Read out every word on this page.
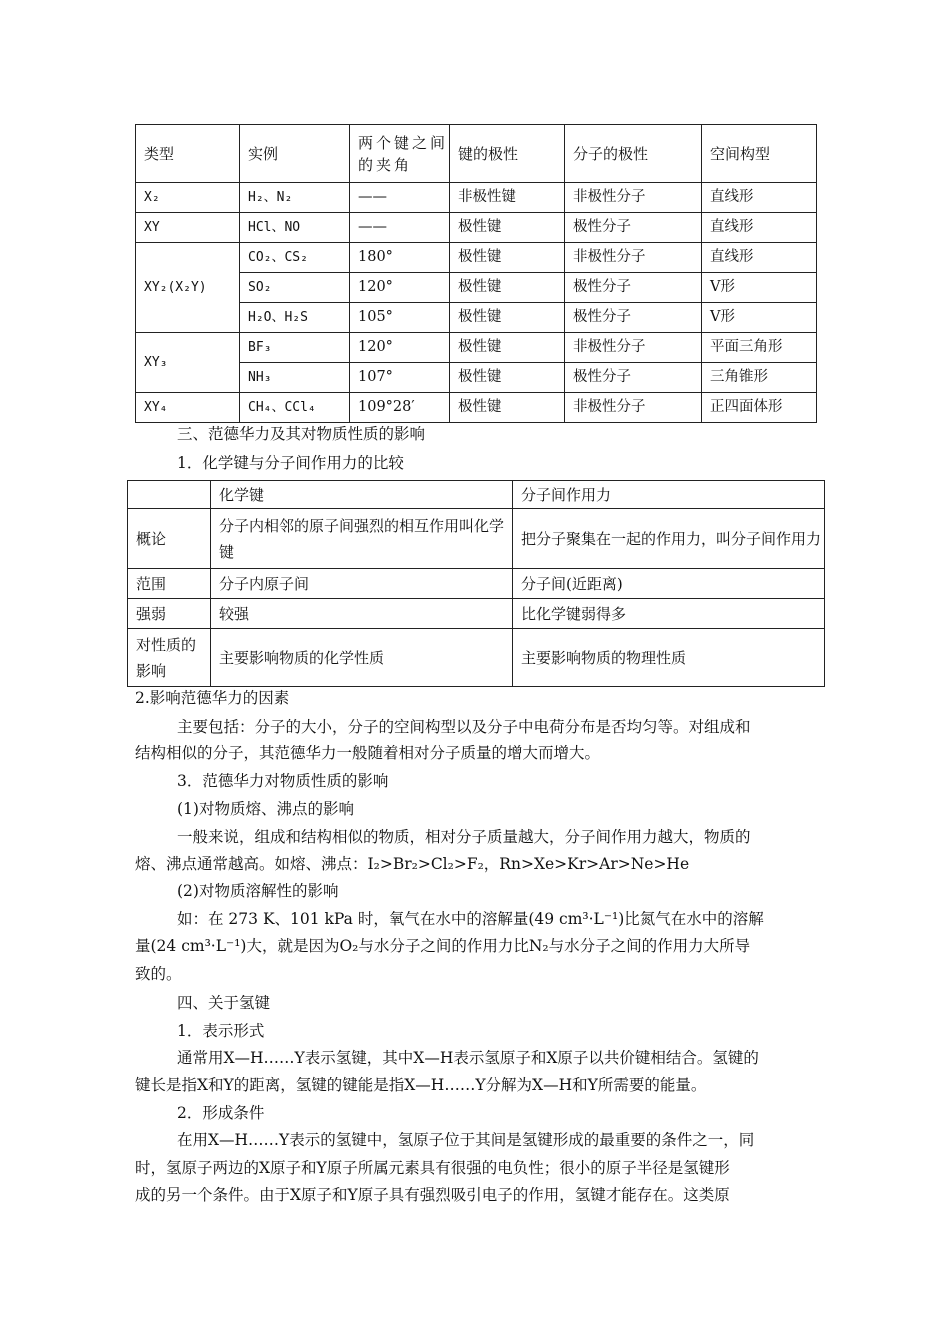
类型	实例	两个键之间的夹角	键的极性	分子的极性	空间构型
X₂	H₂、N₂	——	非极性键	非极性分子	直线形
XY	HCl、NO	——	极性键	极性分子	直线形
XY₂(X₂Y)	CO₂、CS₂	180°	极性键	非极性分子	直线形
	SO₂	120°	极性键	极性分子	V形
	H₂O、H₂S	105°	极性键	极性分子	V形
XY₃	BF₃	120°	极性键	非极性分子	平面三角形
	NH₃	107°	极性键	极性分子	三角锥形
XY₄	CH₄、CCl₄	109°28′	极性键	非极性分子	正四面体形
三、范德华力及其对物质性质的影响
1．化学键与分子间作用力的比较
	化学键	分子间作用力
概论	分子内相邻的原子间强烈的相互作用叫化学键	把分子聚集在一起的作用力，叫分子间作用力
范围	分子内原子间	分子间(近距离)
强弱	较强	比化学键弱得多
对性质的影响	主要影响物质的化学性质	主要影响物质的物理性质
2.影响范德华力的因素
主要包括：分子的大小，分子的空间构型以及分子中电荷分布是否均匀等。对组成和
结构相似的分子，其范德华力一般随着相对分子质量的增大而增大。
3．范德华力对物质性质的影响
(1)对物质熔、沸点的影响
一般来说，组成和结构相似的物质，相对分子质量越大，分子间作用力越大，物质的
熔、沸点通常越高。如熔、沸点：I₂>Br₂>Cl₂>F₂，Rn>Xe>Kr>Ar>Ne>He
(2)对物质溶解性的影响
如：在 273 K、101 kPa 时，氧气在水中的溶解量(49 cm³·L⁻¹)比氮气在水中的溶解
量(24 cm³·L⁻¹)大，就是因为O₂与水分子之间的作用力比N₂与水分子之间的作用力大所导
致的。
四、关于氢键
1．表示形式
通常用X—H……Y表示氢键，其中X—H表示氢原子和X原子以共价键相结合。氢键的
键长是指X和Y的距离，氢键的键能是指X—H……Y分解为X—H和Y所需要的能量。
2．形成条件
在用X—H……Y表示的氢键中，氢原子位于其间是氢键形成的最重要的条件之一，同
时，氢原子两边的X原子和Y原子所属元素具有很强的电负性；很小的原子半径是氢键形
成的另一个条件。由于X原子和Y原子具有强烈吸引电子的作用，氢键才能存在。这类原
